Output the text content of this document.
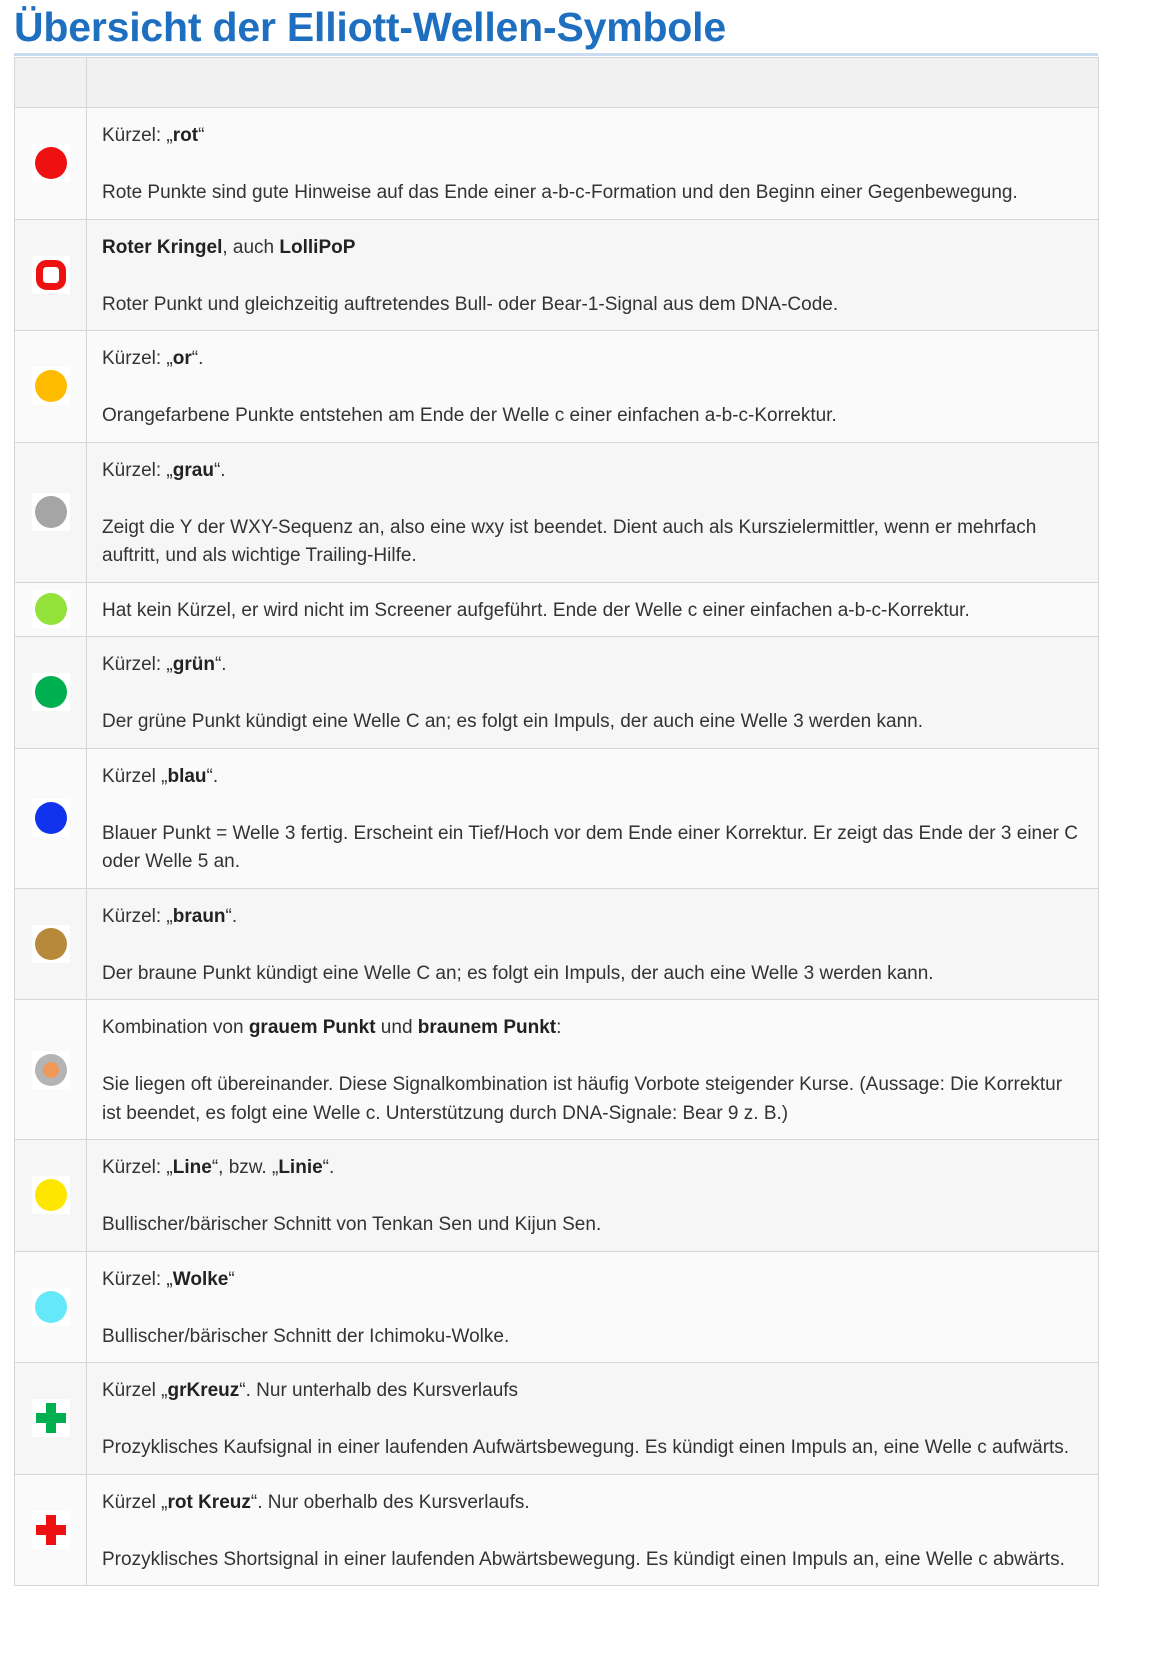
Übersicht der Elliott-Wellen-Symbole

	Kürzel: „rot“

Rote Punkte sind gute Hinweise auf das Ende einer a-b-c-Formation und den Beginn einer Gegenbewegung.

	Roter Kringel, auch LolliPoP

Roter Punkt und gleichzeitig auftretendes Bull- oder Bear-1-Signal aus dem DNA-Code.

	Kürzel: „or“.

Orangefarbene Punkte entstehen am Ende der Welle c einer einfachen a-b-c-Korrektur.

	Kürzel: „grau“.

Zeigt die Y der WXY-Sequenz an, also eine wxy ist beendet. Dient auch als Kurszielermittler, wenn er mehrfach auftritt, und als wichtige Trailing-Hilfe.

	Hat kein Kürzel, er wird nicht im Screener aufgeführt. Ende der Welle c einer einfachen a-b-c-Korrektur.

	Kürzel: „grün“.

Der grüne Punkt kündigt eine Welle C an; es folgt ein Impuls, der auch eine Welle 3 werden kann.

	Kürzel „blau“.

Blauer Punkt = Welle 3 fertig. Erscheint ein Tief/Hoch vor dem Ende einer Korrektur. Er zeigt das Ende der 3 einer C oder Welle 5 an.

	Kürzel: „braun“.

Der braune Punkt kündigt eine Welle C an; es folgt ein Impuls, der auch eine Welle 3 werden kann.

	Kombination von grauem Punkt und braunem Punkt:

Sie liegen oft übereinander. Diese Signalkombination ist häufig Vorbote steigender Kurse. (Aussage: Die Korrektur ist beendet, es folgt eine Welle c. Unterstützung durch DNA-Signale: Bear 9 z. B.)

	Kürzel: „Line“, bzw. „Linie“.

Bullischer/bärischer Schnitt von Tenkan Sen und Kijun Sen.

	Kürzel: „Wolke“

Bullischer/bärischer Schnitt der Ichimoku-Wolke.

	Kürzel „grKreuz“. Nur unterhalb des Kursverlaufs

Prozyklisches Kaufsignal in einer laufenden Aufwärtsbewegung. Es kündigt einen Impuls an, eine Welle c aufwärts.

	Kürzel „rot Kreuz“. Nur oberhalb des Kursverlaufs.

Prozyklisches Shortsignal in einer laufenden Abwärtsbewegung. Es kündigt einen Impuls an, eine Welle c abwärts.
